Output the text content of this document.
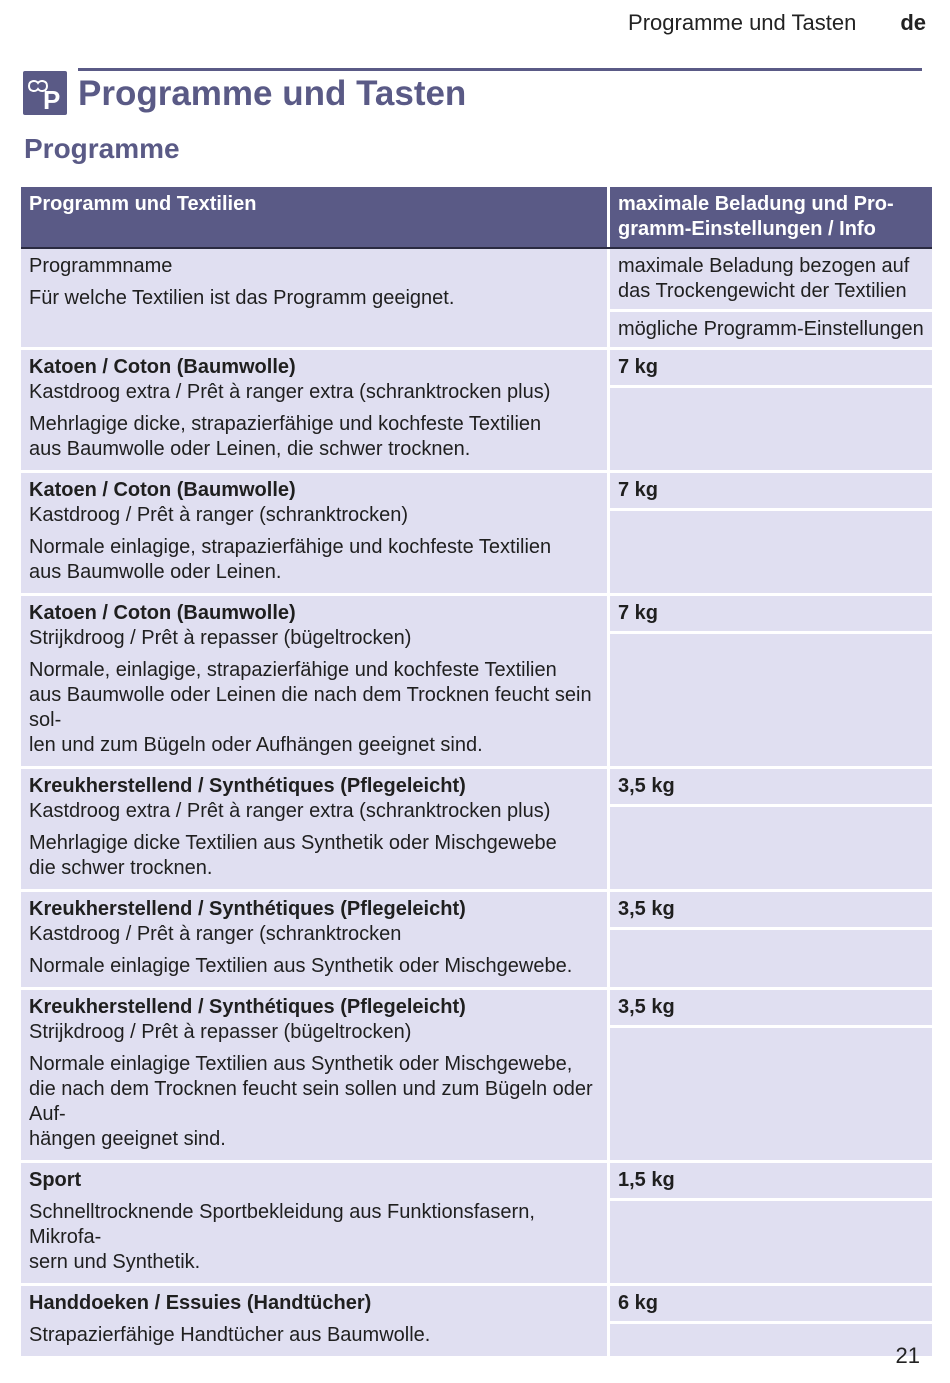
Programme und Tasten de
P Programme und Tasten
Programme
Programm und Textilien	maximale Beladung und Pro-
gramm-Einstellungen / Info
Programmname
Für welche Textilien ist das Programm geeignet.
maximale Beladung bezogen auf
das Trockengewicht der Textilien
mögliche Programm-Einstellungen
Katoen / Coton (Baumwolle)
Kastdroog extra / Prêt à ranger extra (schranktrocken plus)
Mehrlagige dicke, strapazierfähige und kochfeste Textilien
aus Baumwolle oder Leinen, die schwer trocknen.
7 kg
Katoen / Coton (Baumwolle)
Kastdroog / Prêt à ranger (schranktrocken)
Normale einlagige, strapazierfähige und kochfeste Textilien
aus Baumwolle oder Leinen.
7 kg
Katoen / Coton (Baumwolle)
Strijkdroog / Prêt à repasser (bügeltrocken)
Normale, einlagige, strapazierfähige und kochfeste Textilien
aus Baumwolle oder Leinen die nach dem Trocknen feucht sein sol-
len und zum Bügeln oder Aufhängen geeignet sind.
7 kg
Kreukherstellend / Synthétiques (Pflegeleicht)
Kastdroog extra / Prêt à ranger extra (schranktrocken plus)
Mehrlagige dicke Textilien aus Synthetik oder Mischgewebe
die schwer trocknen.
3,5 kg
Kreukherstellend / Synthétiques (Pflegeleicht)
Kastdroog / Prêt à ranger (schranktrocken
Normale einlagige Textilien aus Synthetik oder Mischgewebe.
3,5 kg
Kreukherstellend / Synthétiques (Pflegeleicht)
Strijkdroog / Prêt à repasser (bügeltrocken)
Normale einlagige Textilien aus Synthetik oder Mischgewebe,
die nach dem Trocknen feucht sein sollen und zum Bügeln oder Auf-
hängen geeignet sind.
3,5 kg
Sport
Schnelltrocknende Sportbekleidung aus Funktionsfasern, Mikrofa-
sern und Synthetik.
1,5 kg
Handdoeken / Essuies (Handtücher)
Strapazierfähige Handtücher aus Baumwolle.
6 kg
21
